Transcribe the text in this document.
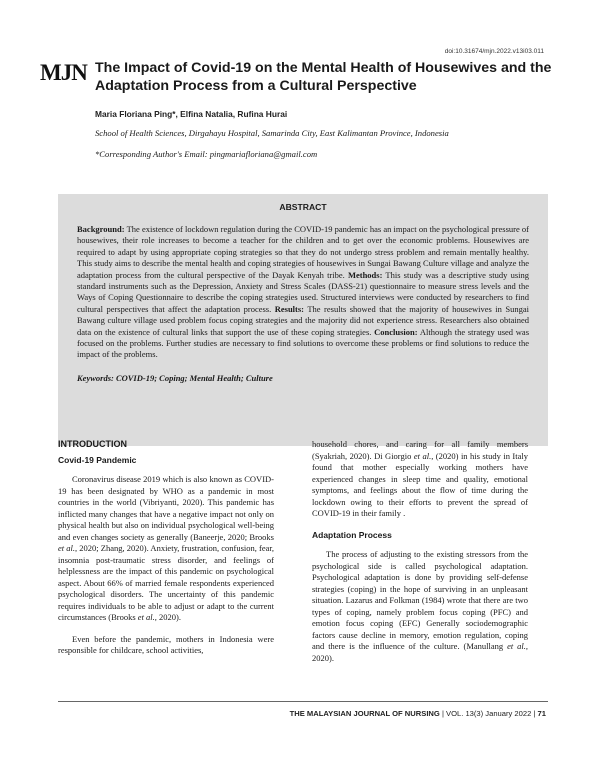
doi:10.31674/mjn.2022.v13i03.011
MJN The Impact of Covid-19 on the Mental Health of Housewives and the Adaptation Process from a Cultural Perspective
Maria Floriana Ping*, Elfina Natalia, Rufina Hurai
School of Health Sciences, Dirgahayu Hospital, Samarinda City, East Kalimantan Province, Indonesia
*Corresponding Author's Email: pingmariafloriana@gmail.com
ABSTRACT
Background: The existence of lockdown regulation during the COVID-19 pandemic has an impact on the psychological pressure of housewives, their role increases to become a teacher for the children and to get over the economic problems. Housewives are required to adapt by using appropriate coping strategies so that they do not undergo stress problem and remain mentally healthy. This study aims to describe the mental health and coping strategies of housewives in Sungai Bawang Culture village and analyze the adaptation process from the cultural perspective of the Dayak Kenyah tribe. Methods: This study was a descriptive study using standard instruments such as the Depression, Anxiety and Stress Scales (DASS-21) questionnaire to measure stress levels and the Ways of Coping Questionnaire to describe the coping strategies used. Structured interviews were conducted by researchers to find cultural perspectives that affect the adaptation process. Results: The results showed that the majority of housewives in Sungai Bawang culture village used problem focus coping strategies and the majority did not experience stress. Researchers also obtained data on the existence of cultural links that support the use of these coping strategies. Conclusion: Although the strategy used was focused on the problems. Further studies are necessary to find solutions to overcome these problems or find solutions to reduce the impact of the problems.
Keywords: COVID-19; Coping; Mental Health; Culture
INTRODUCTION
Covid-19 Pandemic

Coronavirus disease 2019 which is also known as COVID-19 has been designated by WHO as a pandemic in most countries in the world (Vibriyanti, 2020). This pandemic has inflicted many changes that have a negative impact not only on physical health but also on individual psychological well-being and even changes society as generally (Baneerje, 2020; Brooks et al., 2020; Zhang, 2020). Anxiety, frustration, confusion, fear, insomnia post-traumatic stress disorder, and feelings of helplessness are the impact of this pandemic on psychological aspect. About 66% of married female respondents experienced psychological disorders. The uncertainty of this pandemic requires individuals to be able to adjust or adapt to the current circumstances (Brooks et al., 2020).

Even before the pandemic, mothers in Indonesia were responsible for childcare, school activities,

household chores, and caring for all family members (Syakriah, 2020). Di Giorgio et al., (2020) in his study in Italy found that mother especially working mothers have experienced changes in sleep time and quality, emotional symptoms, and feelings about the flow of time during the lockdown owing to their efforts to prevent the spread of COVID-19 in their family .

Adaptation Process

The process of adjusting to the existing stressors from the psychological side is called psychological adaptation. Psychological adaptation is done by providing self-defense strategies (coping) in the hope of surviving in an unpleasant situation. Lazarus and Folkman (1984) wrote that there are two types of coping, namely problem focus coping (PFC) and emotion focus coping (EFC) Generally sociodemographic factors cause decline in memory, emotion regulation, coping and there is the influence of the culture. (Manullang et al., 2020).

THE MALAYSIAN JOURNAL OF NURSING | VOL. 13(3) January 2022 | 71
